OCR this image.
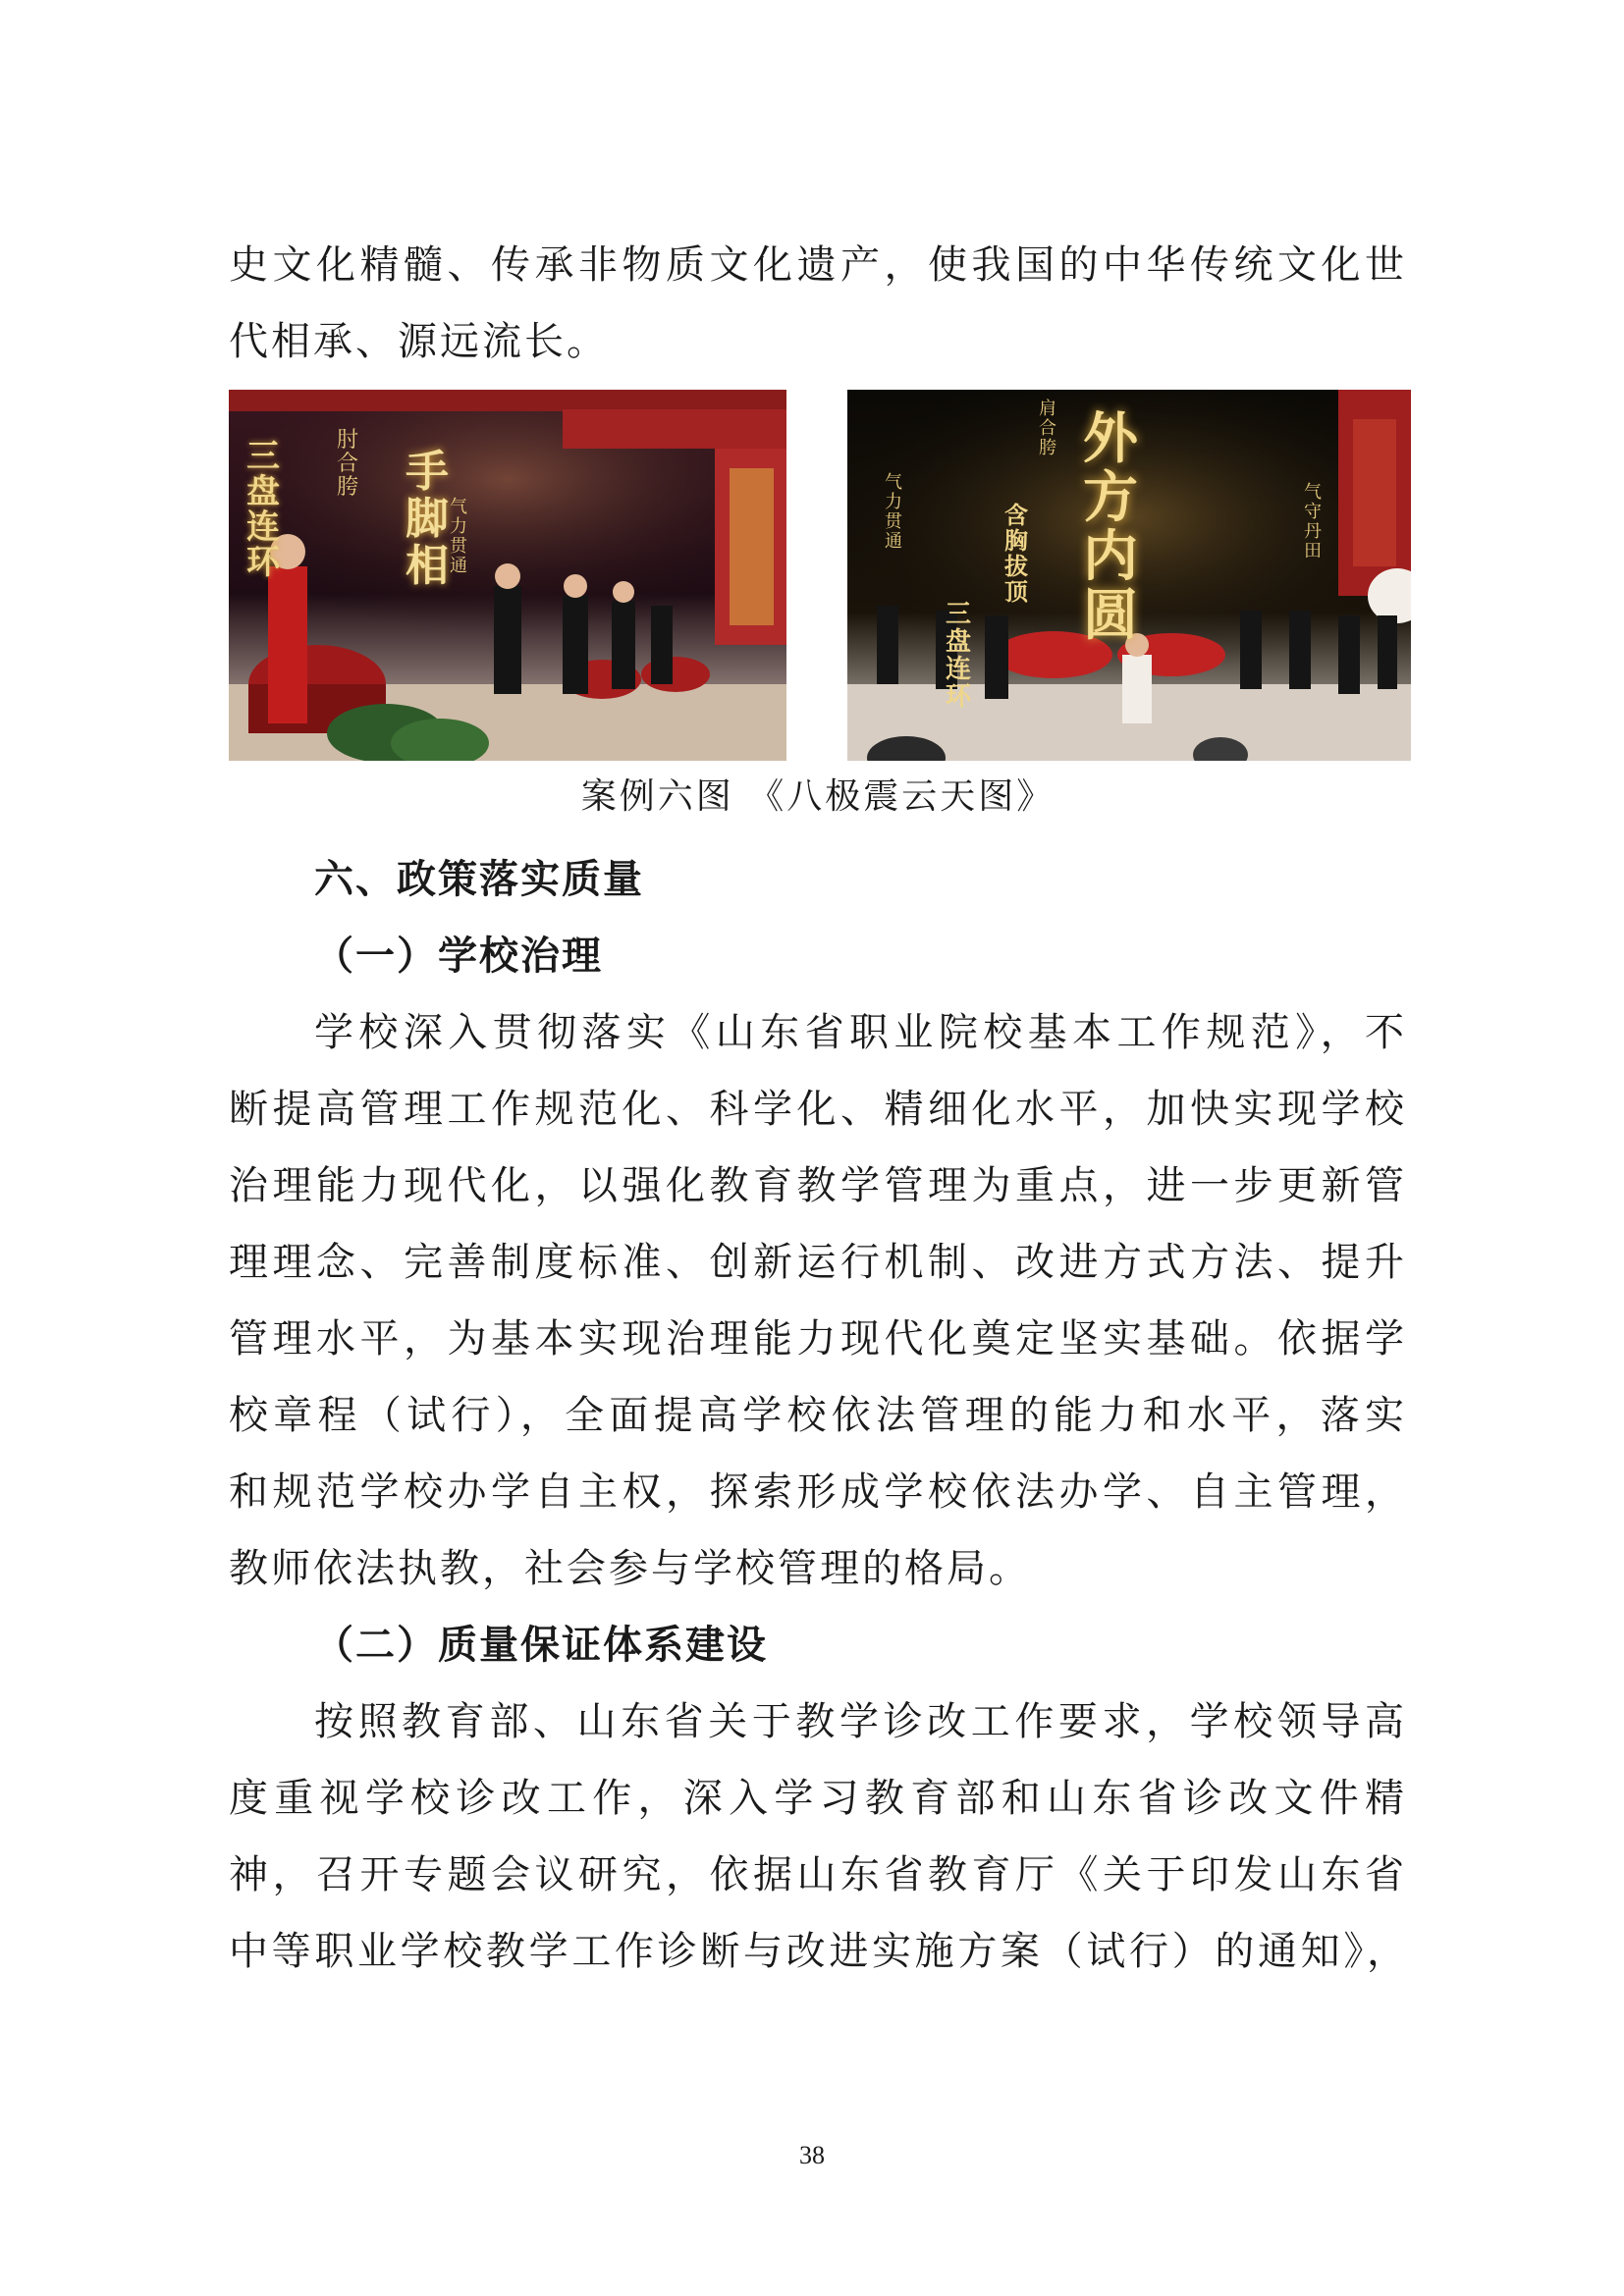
史文化精髓、传承非物质文化遗产，使我国的中华传统文化世
代相承、源远流长。
三盘连环
手脚相
肘合胯
气力贯通
外方内圆
气力贯通
肩合胯
含胸拔顶
气守丹田
三盘连环
案例六图 《八极震云天图》
六、政策落实质量
（一）学校治理
学校深入贯彻落实《山东省职业院校基本工作规范》，不
断提高管理工作规范化、科学化、精细化水平，加快实现学校
治理能力现代化，以强化教育教学管理为重点，进一步更新管
理理念、完善制度标准、创新运行机制、改进方式方法、提升
管理水平，为基本实现治理能力现代化奠定坚实基础。依据学
校章程（试行），全面提高学校依法管理的能力和水平，落实
和规范学校办学自主权，探索形成学校依法办学、自主管理，
教师依法执教，社会参与学校管理的格局。
（二）质量保证体系建设
按照教育部、山东省关于教学诊改工作要求，学校领导高
度重视学校诊改工作，深入学习教育部和山东省诊改文件精
神，召开专题会议研究，依据山东省教育厅《关于印发山东省
中等职业学校教学工作诊断与改进实施方案（试行）的通知》，
38
